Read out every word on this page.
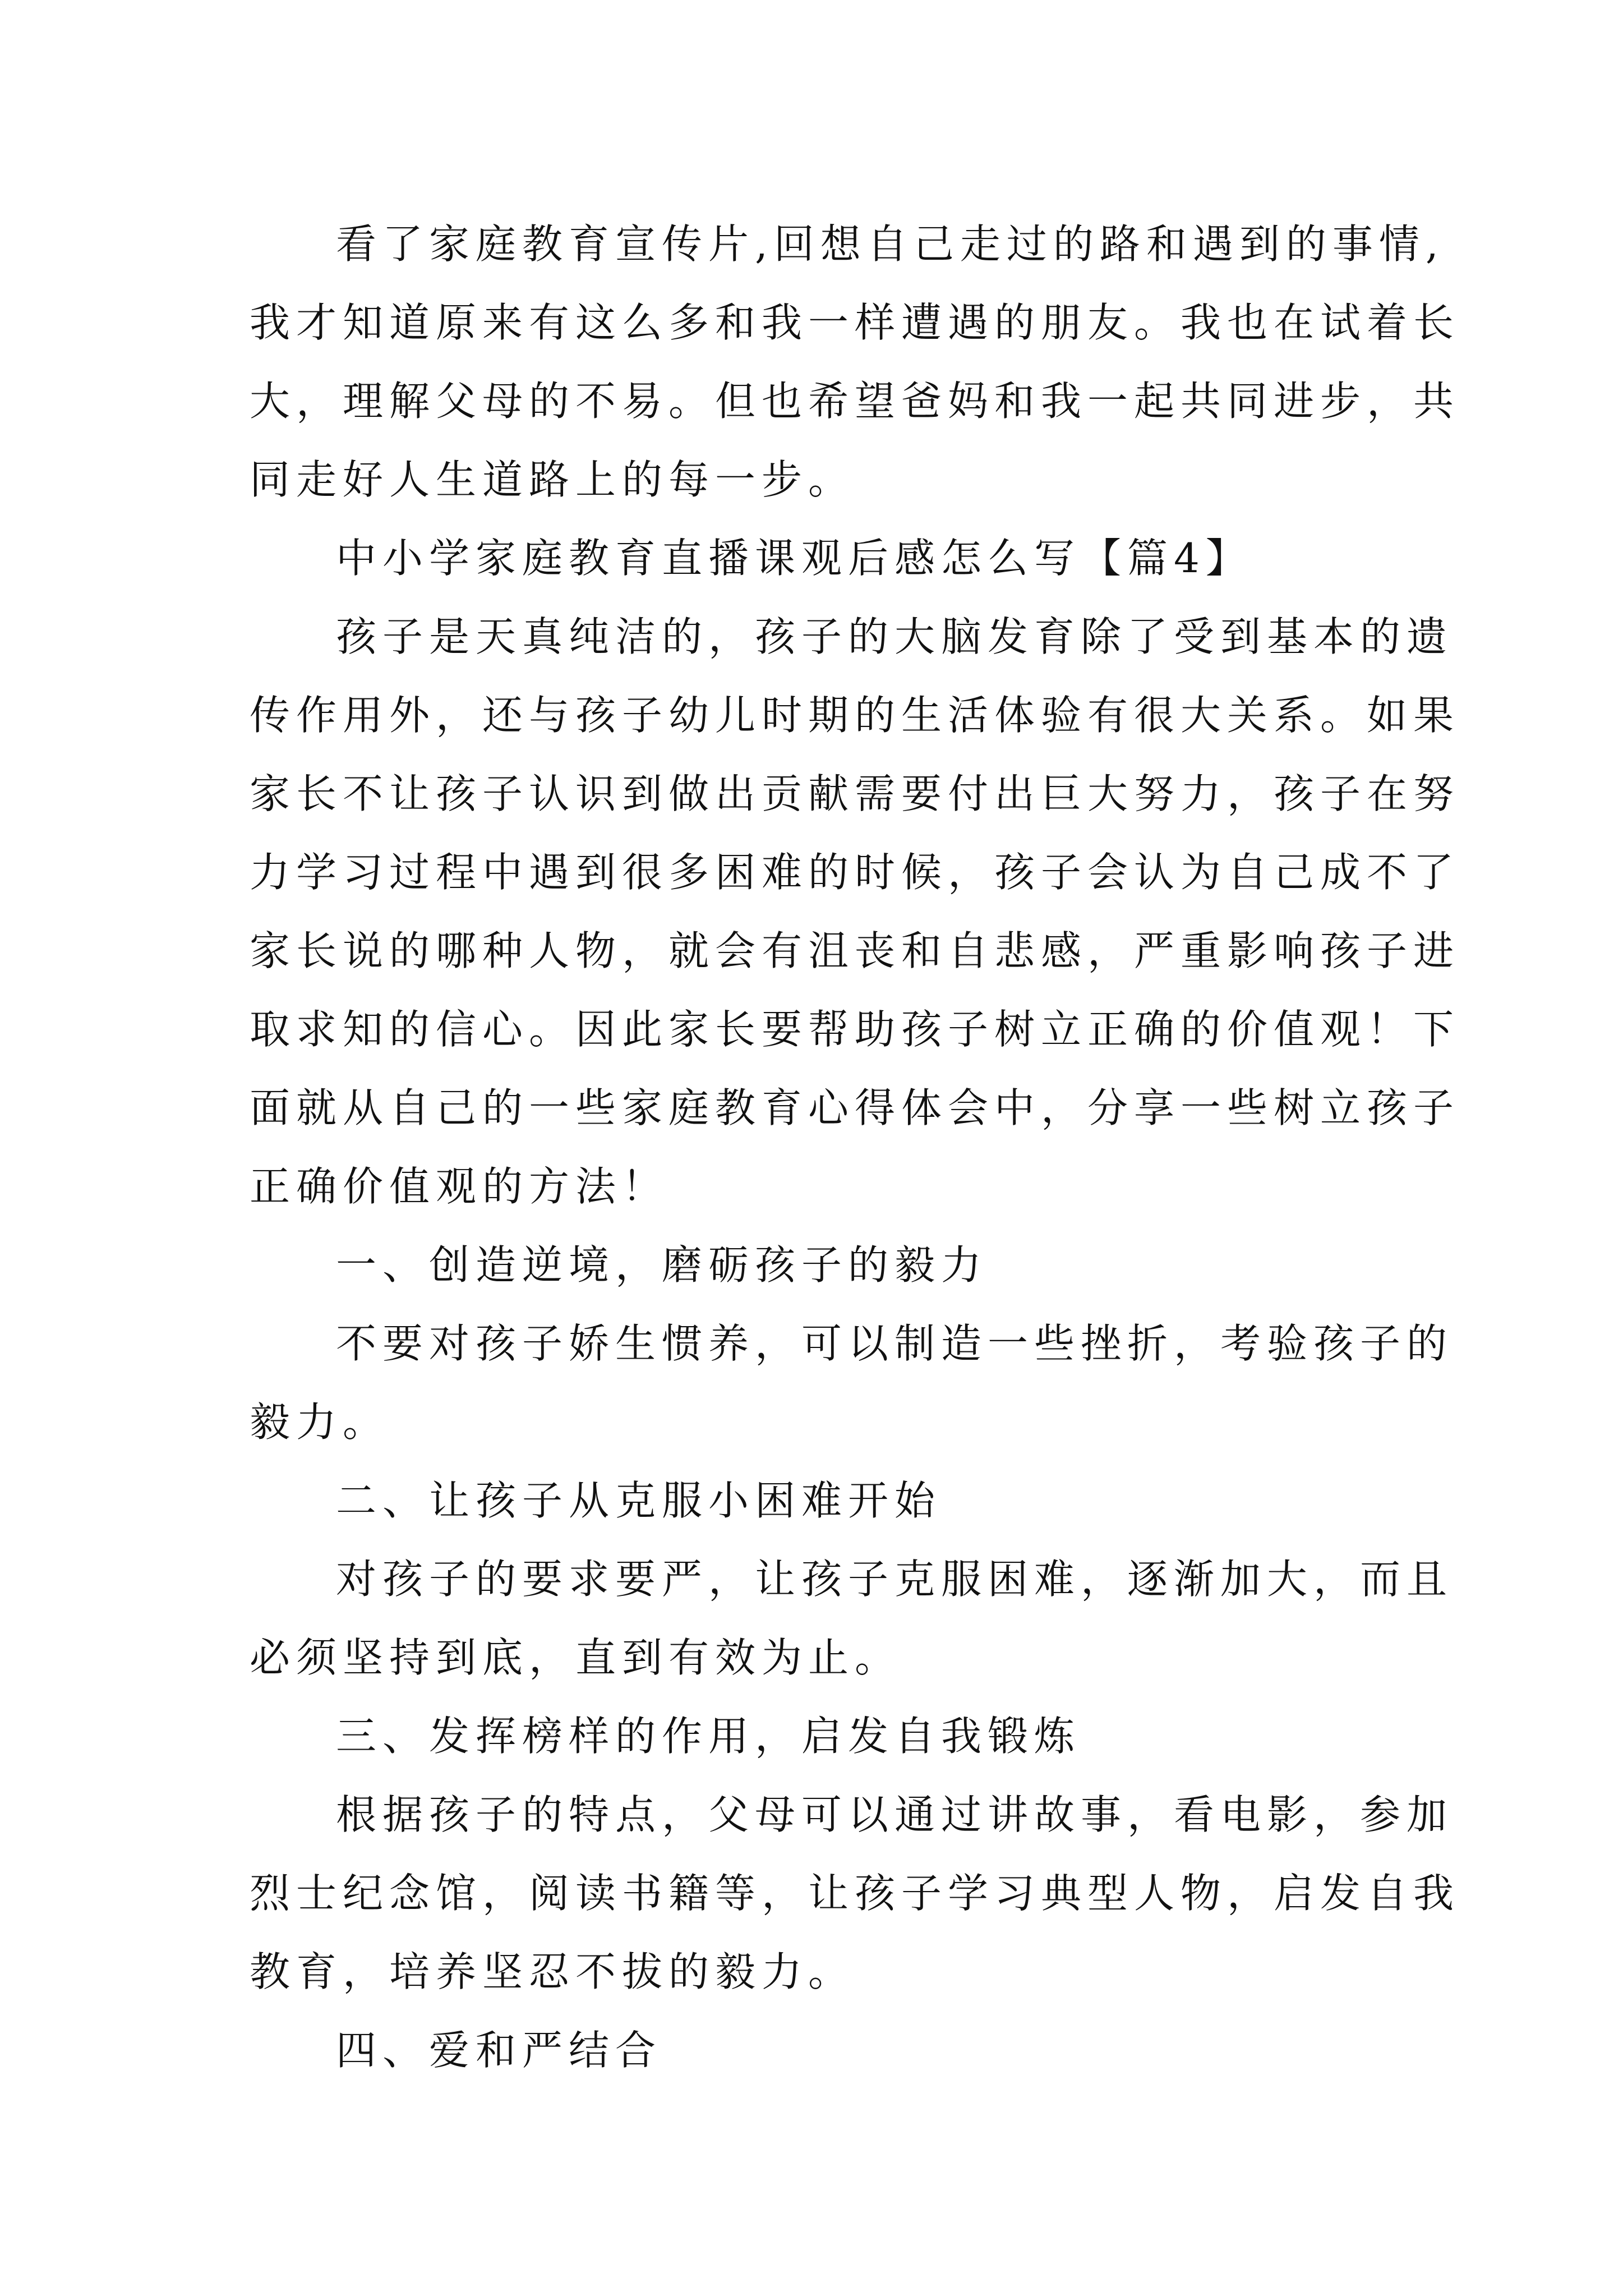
看了家庭教育宣传片,回想自己走过的路和遇到的事情,
我才知道原来有这么多和我一样遭遇的朋友。我也在试着长
大，理解父母的不易。但也希望爸妈和我一起共同进步，共
同走好人生道路上的每一步。
中小学家庭教育直播课观后感怎么写【篇4】
孩子是天真纯洁的，孩子的大脑发育除了受到基本的遗
传作用外，还与孩子幼儿时期的生活体验有很大关系。如果
家长不让孩子认识到做出贡献需要付出巨大努力，孩子在努
力学习过程中遇到很多困难的时候，孩子会认为自己成不了
家长说的哪种人物，就会有沮丧和自悲感，严重影响孩子进
取求知的信心。因此家长要帮助孩子树立正确的价值观！下
面就从自己的一些家庭教育心得体会中，分享一些树立孩子
正确价值观的方法！
一、创造逆境，磨砺孩子的毅力
不要对孩子娇生惯养，可以制造一些挫折，考验孩子的
毅力。
二、让孩子从克服小困难开始
对孩子的要求要严，让孩子克服困难，逐渐加大，而且
必须坚持到底，直到有效为止。
三、发挥榜样的作用，启发自我锻炼
根据孩子的特点，父母可以通过讲故事，看电影，参加
烈士纪念馆，阅读书籍等，让孩子学习典型人物，启发自我
教育，培养坚忍不拔的毅力。
四、爱和严结合
